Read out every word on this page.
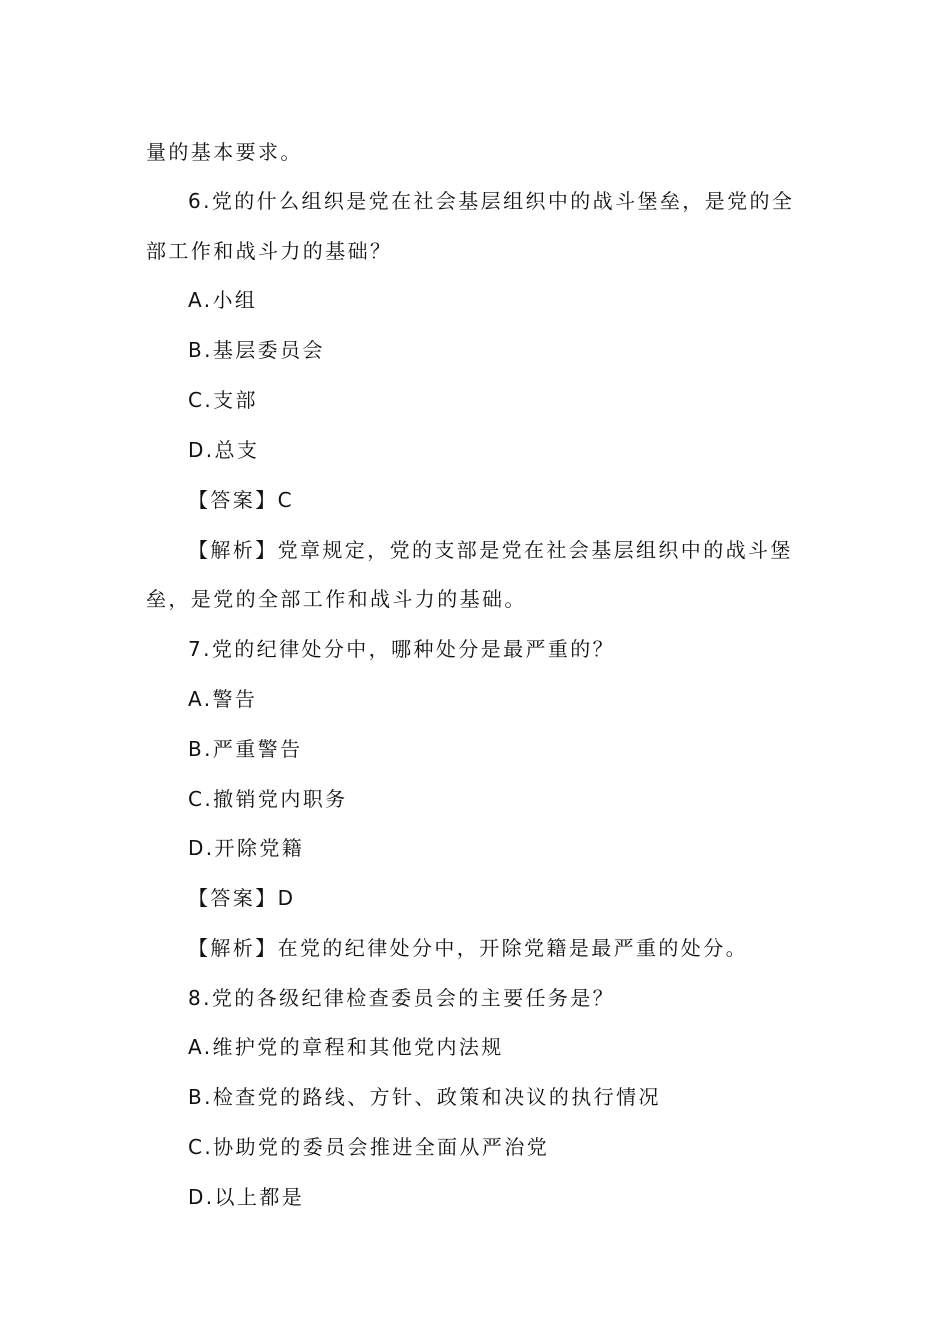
量的基本要求。

6.党的什么组织是党在社会基层组织中的战斗堡垒，是党的全

部工作和战斗力的基础？

A.小组

B.基层委员会

C.支部

D.总支

【答案】C

【解析】党章规定，党的支部是党在社会基层组织中的战斗堡

垒，是党的全部工作和战斗力的基础。

7.党的纪律处分中，哪种处分是最严重的？

A.警告

B.严重警告

C.撤销党内职务

D.开除党籍

【答案】D

【解析】在党的纪律处分中，开除党籍是最严重的处分。

8.党的各级纪律检查委员会的主要任务是？

A.维护党的章程和其他党内法规

B.检查党的路线、方针、政策和决议的执行情况

C.协助党的委员会推进全面从严治党

D.以上都是
